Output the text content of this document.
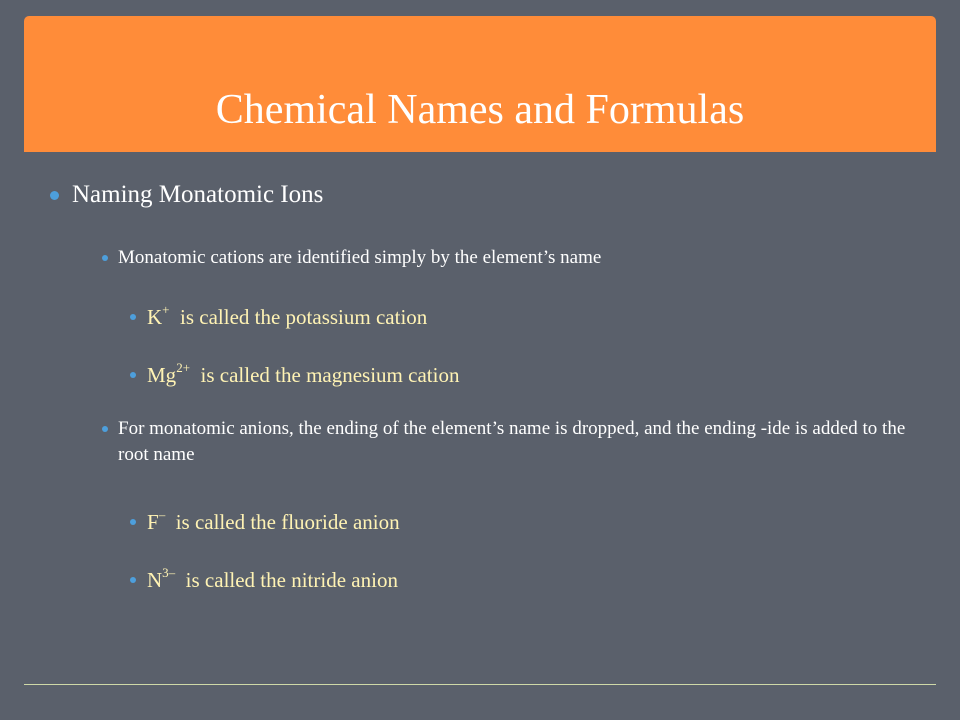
Chemical Names and Formulas
Naming Monatomic Ions
Monatomic cations are identified simply by the element’s name
K+ is called the potassium cation
$Mg^{2+}$ is called the magnesium cation
For monatomic anions, the ending of the element’s name is dropped, and the ending -ide is added to the root name
F– is called the fluoride anion
$N^{3-}$ is called the nitride anion
